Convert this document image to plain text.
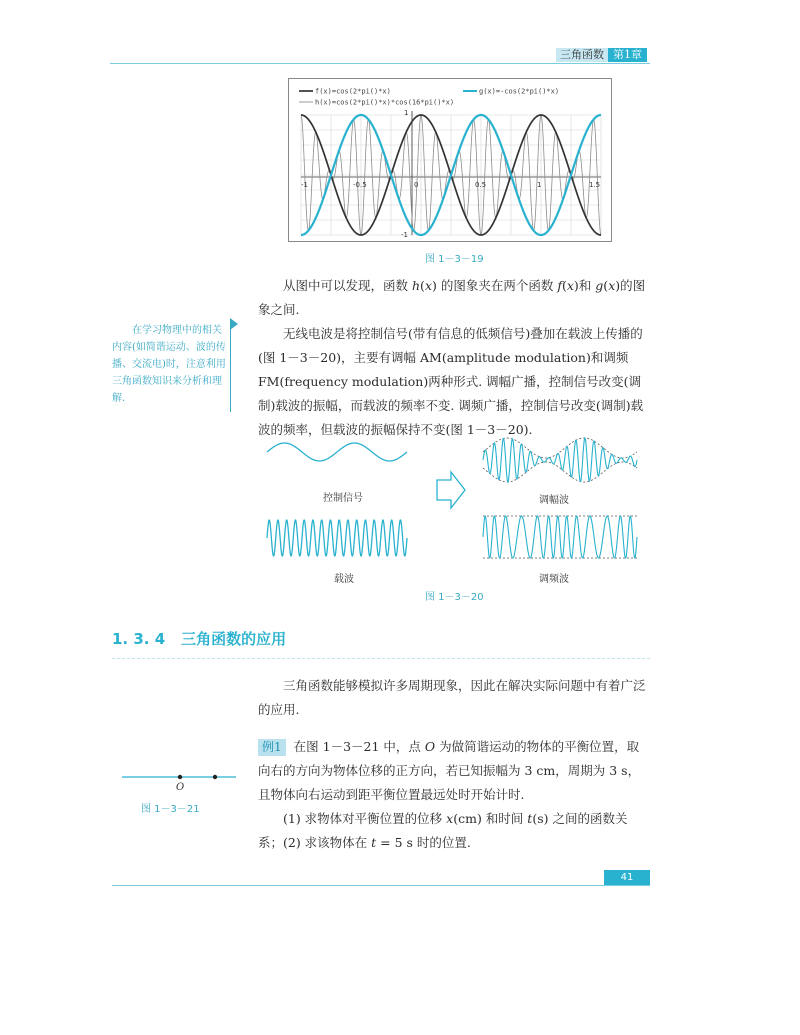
三角函数 第1章
f(x)=cos(2*pi()*x)	g(x)=-cos(2*pi()*x)
h(x)=cos(2*pi()*x)*cos(16*pi()*x)
-1	-0.5	0	0.5	1	1.5
1
-1
图 1－3－19
从图中可以发现，函数 h(x) 的图象夹在两个函数 f(x)和 g(x)的图象之间.
无线电波是将控制信号(带有信息的低频信号)叠加在载波上传播的(图 1－3－20)，主要有调幅 AM(amplitude modulation)和调频 FM(frequency modulation)两种形式. 调幅广播，控制信号改变(调制)载波的振幅，而载波的频率不变. 调频广播，控制信号改变(调制)载波的频率，但载波的振幅保持不变(图 1－3－20).
在学习物理中的相关内容(如简谐运动、波的传播、交流电)时，注意利用三角函数知识来分析和理解.
控制信号	调幅波
载波	调频波
图 1－3－20
1. 3. 4 三角函数的应用
三角函数能够模拟许多周期现象，因此在解决实际问题中有着广泛的应用.
例1 在图 1－3－21 中，点 O 为做简谐运动的物体的平衡位置，取向右的方向为物体位移的正方向，若已知振幅为 3 cm，周期为 3 s，且物体向右运动到距平衡位置最远处时开始计时.
(1) 求物体对平衡位置的位移 x(cm) 和时间 t(s) 之间的函数关系； (2) 求该物体在 t = 5 s 时的位置.
O
图 1－3－21
41
